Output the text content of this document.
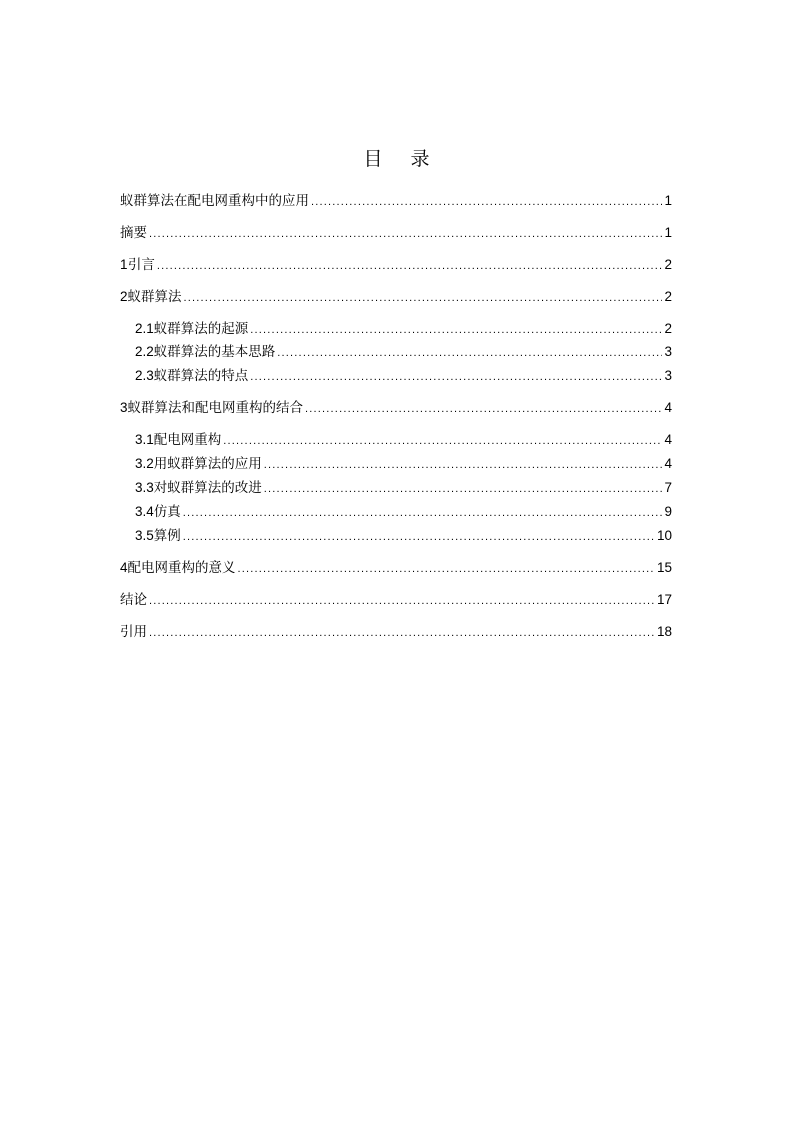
目 录
蚁群算法在配电网重构中的应用 .....	1
摘要 .....	1
1 引言 .....	2
2 蚁群算法 .....	2
2.1 蚁群算法的起源 .....	2
2.2 蚁群算法的基本思路 .....	3
2.3 蚁群算法的特点 .....	3
3 蚁群算法和配电网重构的结合 .....	4
3.1 配电网重构 .....	4
3.2 用蚁群算法的应用 .....	4
3.3 对蚁群算法的改进 .....	7
3.4 仿真 .....	9
3.5 算例 .....	10
4 配电网重构的意义 .....	15
结论 .....	17
引用 .....	18
